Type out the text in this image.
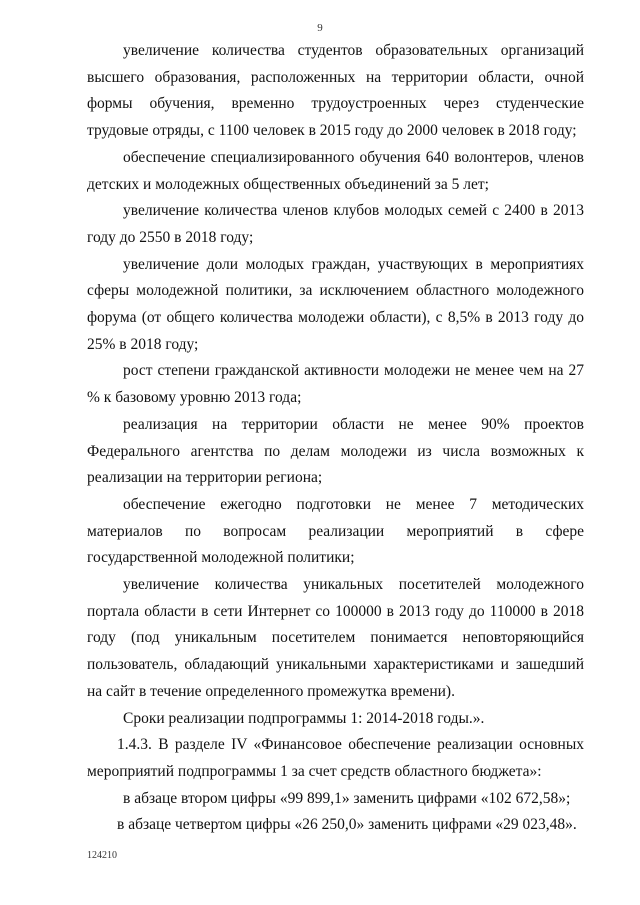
9

увеличение количества студентов образовательных организаций высшего образования, расположенных на территории области, очной формы обучения, временно трудоустроенных через студенческие трудовые отряды, с 1100 человек в 2015 году до 2000 человек в 2018 году;

обеспечение специализированного обучения 640 волонтеров, членов детских и молодежных общественных объединений за 5 лет;

увеличение количества членов клубов молодых семей с 2400 в 2013 году до 2550 в 2018 году;

увеличение доли молодых граждан, участвующих в мероприятиях сферы молодежной политики, за исключением областного молодежного форума (от общего количества молодежи области), с 8,5% в 2013 году до 25% в 2018 году;

рост степени гражданской активности молодежи не менее чем на 27 % к базовому уровню 2013 года;

реализация на территории области не менее 90% проектов Федерального агентства по делам молодежи из числа возможных к реализации на территории региона;

обеспечение ежегодно подготовки не менее 7 методических материалов по вопросам реализации мероприятий в сфере государственной молодежной политики;

увеличение количества уникальных посетителей молодежного портала области в сети Интернет со 100000 в 2013 году до 110000 в 2018 году (под уникальным посетителем понимается неповторяющийся пользователь, обладающий уникальными характеристиками и зашедший на сайт в течение определенного промежутка времени).

Сроки реализации подпрограммы 1: 2014-2018 годы.».

1.4.3. В разделе IV «Финансовое обеспечение реализации основных мероприятий подпрограммы 1 за счет средств областного бюджета»:

в абзаце втором цифры «99 899,1» заменить цифрами «102 672,58»;

в абзаце четвертом цифры «26 250,0» заменить цифрами «29 023,48».

124210
